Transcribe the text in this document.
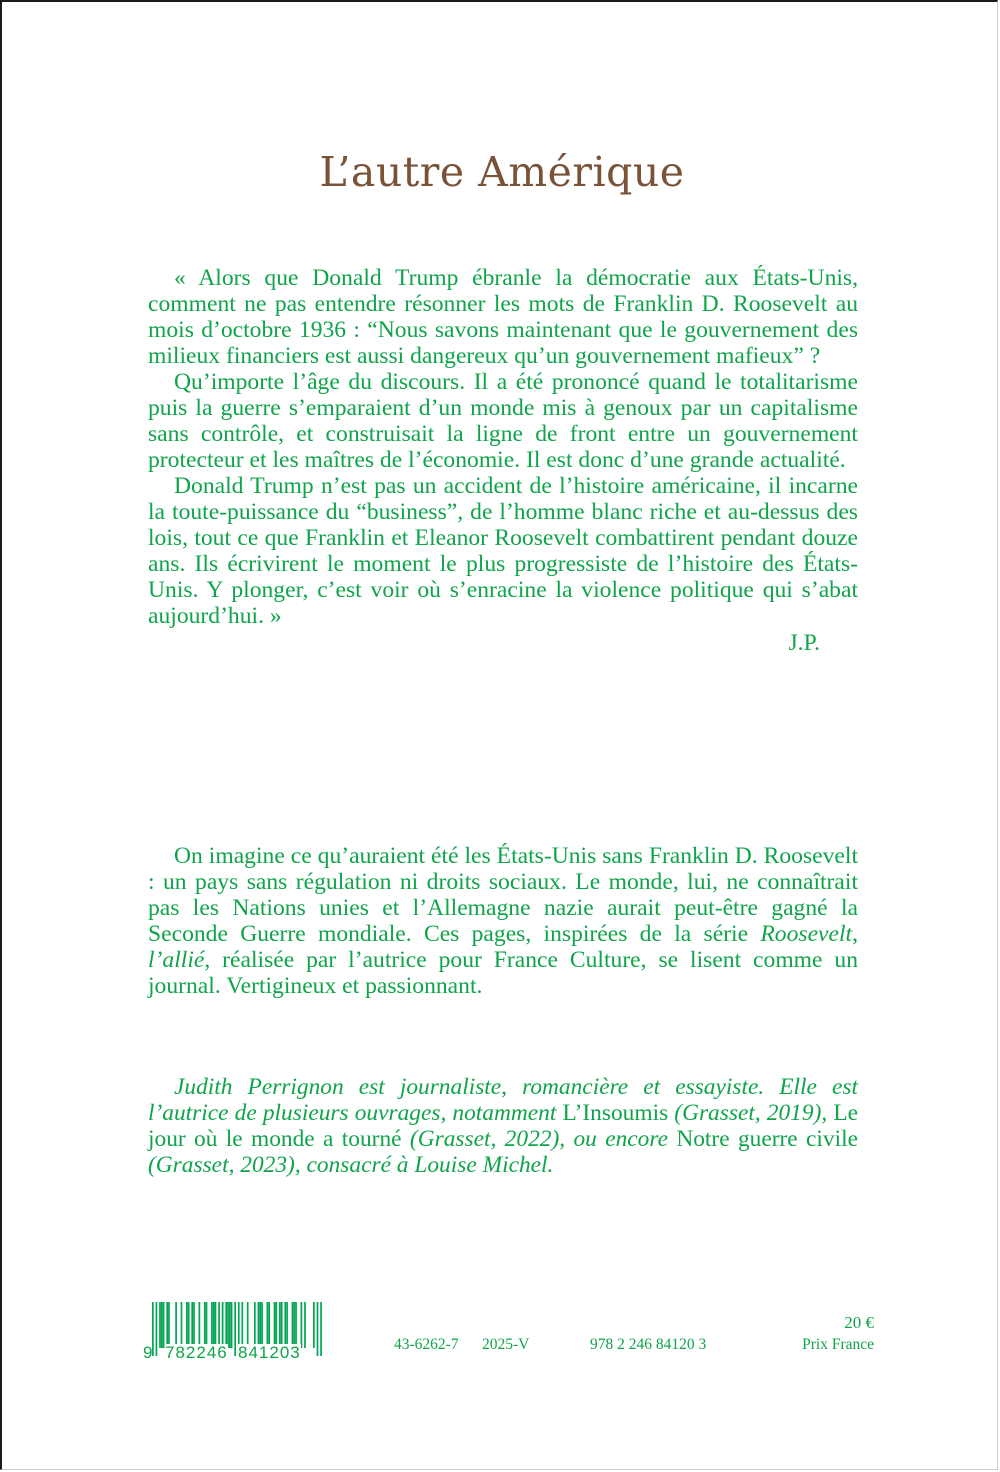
L’autre Amérique

« Alors que Donald Trump ébranle la démocratie aux États-Unis, comment ne pas entendre résonner les mots de Franklin D. Roosevelt au mois d’octobre 1936 : “Nous savons maintenant que le gouvernement des milieux financiers est aussi dangereux qu’un gouvernement mafieux” ?

Qu’importe l’âge du discours. Il a été prononcé quand le totalitarisme puis la guerre s’emparaient d’un monde mis à genoux par un capitalisme sans contrôle, et construisait la ligne de front entre un gouvernement protecteur et les maîtres de l’économie. Il est donc d’une grande actualité.

Donald Trump n’est pas un accident de l’histoire américaine, il incarne la toute-puissance du “business”, de l’homme blanc riche et au-dessus des lois, tout ce que Franklin et Eleanor Roosevelt combattirent pendant douze ans. Ils écrivirent le moment le plus progressiste de l’histoire des États-Unis. Y plonger, c’est voir où s’enracine la violence politique qui s’abat aujourd’hui. »

J.P.

On imagine ce qu’auraient été les États-Unis sans Franklin D. Roosevelt : un pays sans régulation ni droits sociaux. Le monde, lui, ne connaîtrait pas les Nations unies et l’Allemagne nazie aurait peut-être gagné la Seconde Guerre mondiale. Ces pages, inspirées de la série Roosevelt, l’allié, réalisée par l’autrice pour France Culture, se lisent comme un journal. Vertigineux et passionnant.

Judith Perrignon est journaliste, romancière et essayiste. Elle est l’autrice de plusieurs ouvrages, notamment L’Insoumis (Grasset, 2019), Le jour où le monde a tourné (Grasset, 2022), ou encore Notre guerre civile (Grasset, 2023), consacré à Louise Michel.

9 782246 841203	43-6262-7 2025-V	978 2 246 84120 3
20 €
Prix France
